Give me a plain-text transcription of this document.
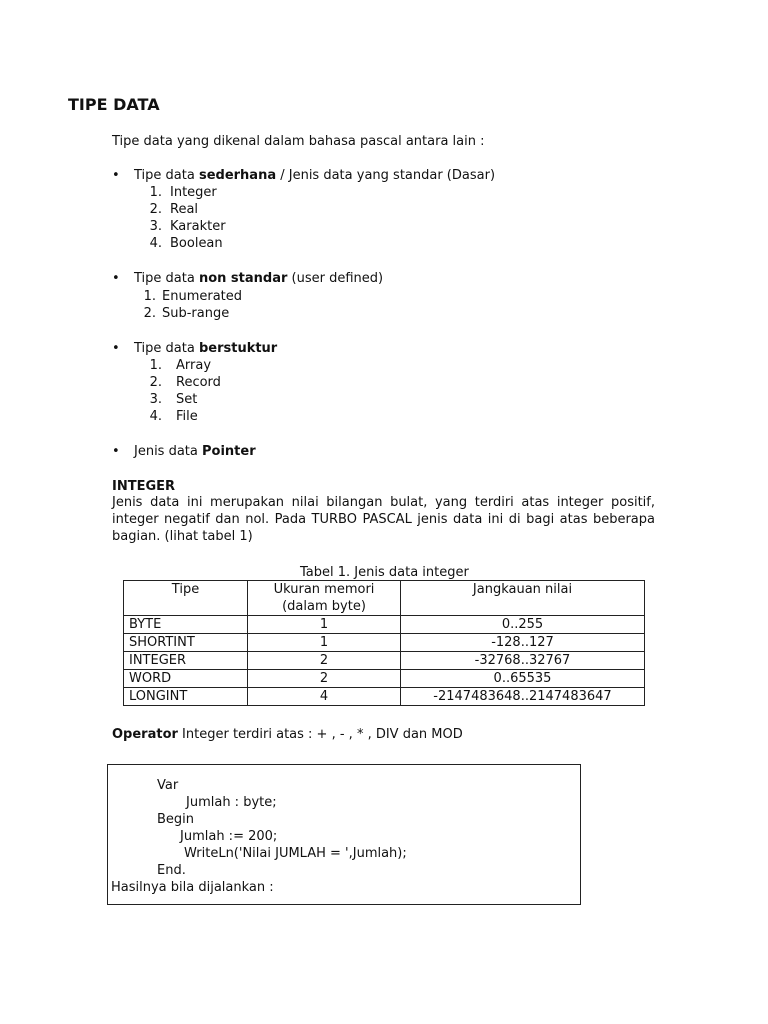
TIPE DATA
Tipe data yang dikenal dalam bahasa pascal antara lain :
• Tipe data sederhana / Jenis data yang standar (Dasar)
1. Integer
2. Real
3. Karakter
4. Boolean
• Tipe data non standar (user defined)
1. Enumerated
2. Sub-range
• Tipe data berstuktur
1. Array
2. Record
3. Set
4. File
• Jenis data Pointer
INTEGER
Jenis data ini merupakan nilai bilangan bulat, yang terdiri atas integer positif, integer negatif dan nol. Pada TURBO PASCAL jenis data ini di bagi atas beberapa bagian. (lihat tabel 1)
Tabel 1. Jenis data integer
Tipe	Ukuran memori (dalam byte)	Jangkauan nilai
BYTE	1	0..255
SHORTINT	1	-128..127
INTEGER	2	-32768..32767
WORD	2	0..65535
LONGINT	4	-2147483648..2147483647
Operator Integer terdiri atas : + , - , * , DIV dan MOD
Var
Jumlah : byte;
Begin
Jumlah := 200;
WriteLn('Nilai JUMLAH = ',Jumlah);
End.
Hasilnya bila dijalankan :
